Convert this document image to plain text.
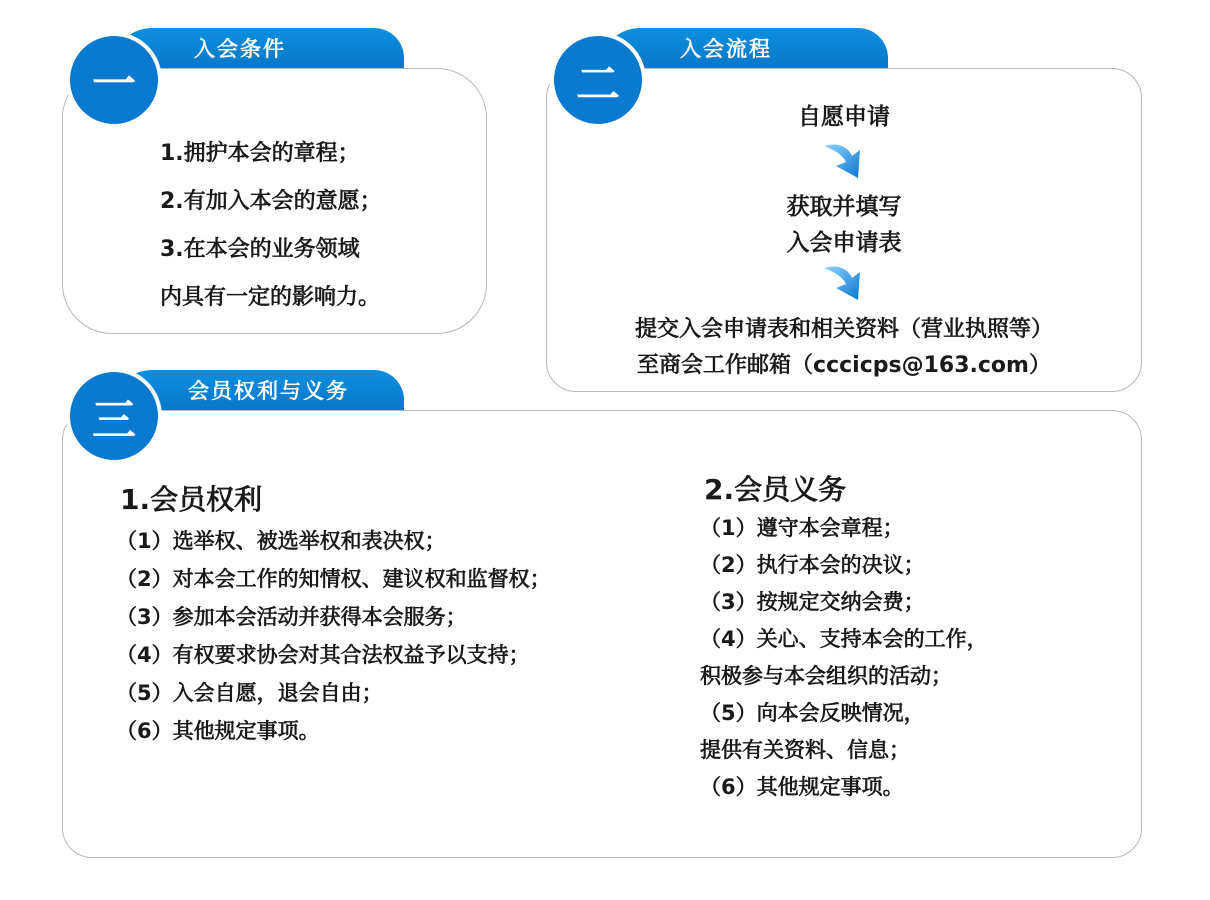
入会条件	入会流程
会员权利与义务
一	二
三
1.拥护本会的章程；
2.有加入本会的意愿；
3.在本会的业务领域
内具有一定的影响力。
自愿申请
获取并填写
入会申请表
提交入会申请表和相关资料（营业执照等）
至商会工作邮箱（cccicps@163.com）
1.会员权利
（1）选举权、被选举权和表决权；
（2）对本会工作的知情权、建议权和监督权；
（3）参加本会活动并获得本会服务；
（4）有权要求协会对其合法权益予以支持；
（5）入会自愿，退会自由；
（6）其他规定事项。
2.会员义务
（1）遵守本会章程；
（2）执行本会的决议；
（3）按规定交纳会费；
（4）关心、支持本会的工作，
积极参与本会组织的活动；
（5）向本会反映情况，
提供有关资料、信息；
（6）其他规定事项。
